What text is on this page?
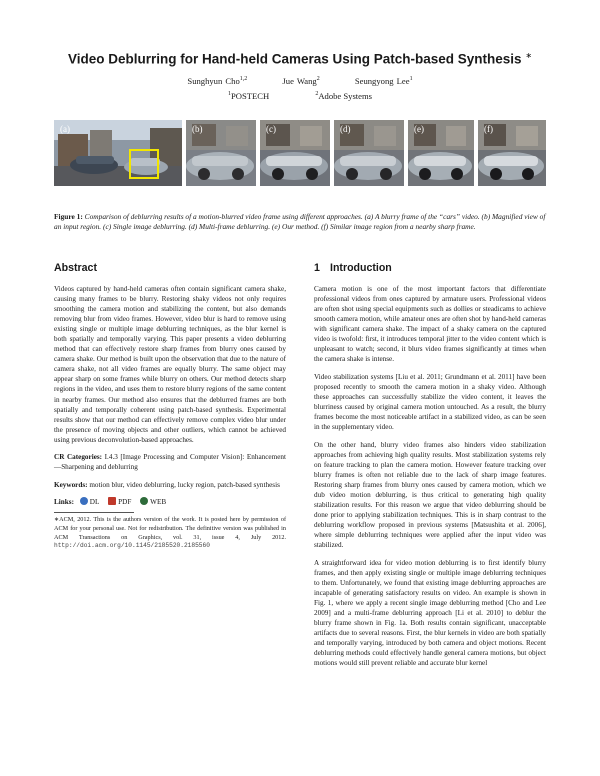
Video Deblurring for Hand-held Cameras Using Patch-based Synthesis ∗
Sunghyun Cho$^{1,2}$	Jue Wang$^2$	Seungyong Lee$^1$
$^1$POSTECH	$^2$Adobe Systems
(a)	(b)	(c)	(d)	(e)	(f)
Figure 1: Comparison of deblurring results of a motion-blurred video frame using different approaches. (a) A blurry frame of the “cars” video. (b) Magnified view of an input region. (c) Single image deblurring. (d) Multi-frame deblurring. (e) Our method. (f) Similar image region from a nearby sharp frame.
Abstract

Videos captured by hand-held cameras often contain significant camera shake, causing many frames to be blurry. Restoring shaky videos not only requires smoothing the camera motion and stabilizing the content, but also demands removing blur from video frames. However, video blur is hard to remove using existing single or multiple image deblurring techniques, as the blur kernel is both spatially and temporally varying. This paper presents a video deblurring method that can effectively restore sharp frames from blurry ones caused by camera shake. Our method is built upon the observation that due to the nature of camera shake, not all video frames are equally blurry. The same object may appear sharp on some frames while blurry on others. Our method detects sharp regions in the video, and uses them to restore blurry regions of the same content in nearby frames. Our method also ensures that the deblurred frames are both spatially and temporally coherent using patch-based synthesis. Experimental results show that our method can effectively remove complex video blur under the presence of moving objects and other outliers, which cannot be achieved using previous deconvolution-based approaches.

CR Categories: I.4.3 [Image Processing and Computer Vision]: Enhancement—Sharpening and deblurring

Keywords: motion blur, video deblurring, lucky region, patch-based synthesis

Links: DL	PDF	WEB
∗ACM, 2012. This is the authors version of the work. It is posted here by permission of ACM for your personal use. Not for redistribution. The definitive version was published in ACM Transactions on Graphics, vol. 31, issue 4, July 2012. http://doi.acm.org/10.1145/2185520.2185560
1 Introduction

Camera motion is one of the most important factors that differentiate professional videos from ones captured by armature users. Professional videos are often shot using special equipments such as dollies or steadicams to achieve smooth camera motion, while amateur ones are often shot by hand-held cameras with significant camera shake. The impact of a shaky camera on the captured video is twofold: first, it introduces temporal jitter to the video content which is unpleasant to watch; second, it blurs video frames significantly at times when the camera shake is intense.

Video stabilization systems [Liu et al. 2011; Grundmann et al. 2011] have been proposed recently to smooth the camera motion in a shaky video. Although these approaches can successfully stabilize the video content, it leaves the blurriness caused by original camera motion untouched. As a result, the blurry frames become the most noticeable artifact in a stabilized video, as can be seen in the supplementary video.

On the other hand, blurry video frames also hinders video stabilization approaches from achieving high quality results. Most stabilization systems rely on feature tracking to plan the camera motion. However feature tracking over blurry frames is often not reliable due to the lack of sharp image features. Restoring sharp frames from blurry ones caused by camera motion, which we dub video motion deblurring, is thus critical to generating high quality stabilization results. For this reason we argue that video deblurring should be done prior to applying stabilization techniques. This is in sharp contrast to the deblurring workflow proposed in previous systems [Matsushita et al. 2006], where simple deblurring techniques were applied after the input video was stabilized.

A straightforward idea for video motion deblurring is to first identify blurry frames, and then apply existing single or multiple image deblurring techniques to them. Unfortunately, we found that existing image deblurring approaches are incapable of generating satisfactory results on video. An example is shown in Fig. 1, where we apply a recent single image deblurring method [Cho and Lee 2009] and a multi-frame deblurring approach [Li et al. 2010] to deblur the blurry frame shown in Fig. 1a. Both results contain significant, unacceptable artifacts due to several reasons. First, the blur kernels in video are both spatially and temporally varying, introduced by both camera and object motions. Recent deblurring methods could effectively handle general camera motions, but object motions would still prevent reliable and accurate blur kernel
